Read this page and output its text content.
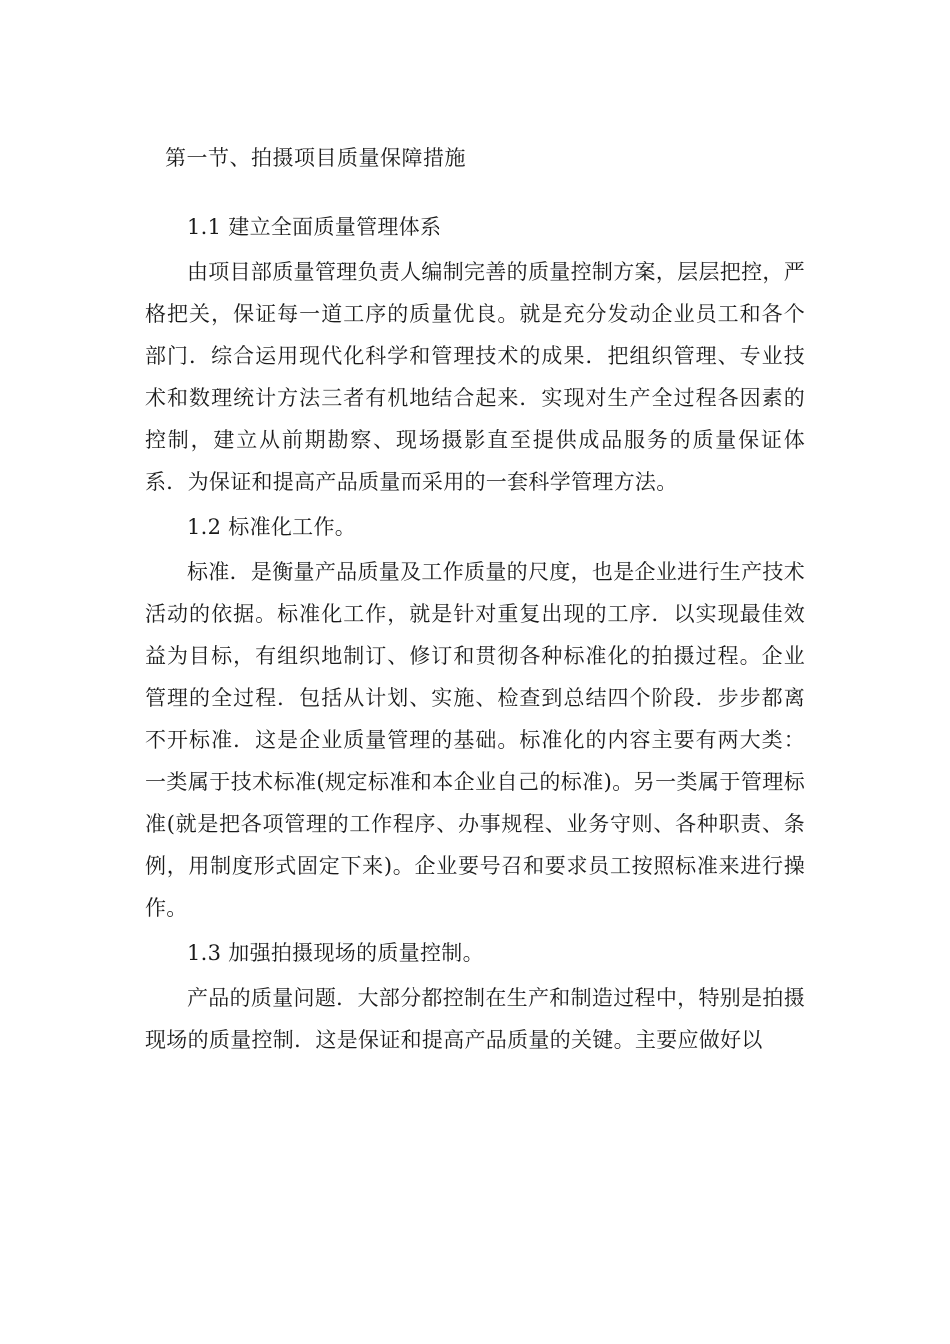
第一节、拍摄项目质量保障措施
1.1 建立全面质量管理体系

由项目部质量管理负责人编制完善的质量控制方案，层层把控，严格把关，保证每一道工序的质量优良。就是充分发动企业员工和各个部门．综合运用现代化科学和管理技术的成果．把组织管理、专业技术和数理统计方法三者有机地结合起来．实现对生产全过程各因素的控制，建立从前期勘察、现场摄影直至提供成品服务的质量保证体系．为保证和提高产品质量而采用的一套科学管理方法。

1.2 标准化工作。

标准．是衡量产品质量及工作质量的尺度，也是企业进行生产技术活动的依据。标准化工作，就是针对重复出现的工序．以实现最佳效益为目标，有组织地制订、修订和贯彻各种标准化的拍摄过程。企业管理的全过程．包括从计划、实施、检查到总结四个阶段．步步都离不开标准．这是企业质量管理的基础。标准化的内容主要有两大类：一类属于技术标准(规定标准和本企业自己的标准)。另一类属于管理标准(就是把各项管理的工作程序、办事规程、业务守则、各种职责、条例，用制度形式固定下来)。企业要号召和要求员工按照标准来进行操作。

1.3 加强拍摄现场的质量控制。

产品的质量问题．大部分都控制在生产和制造过程中，特别是拍摄现场的质量控制．这是保证和提高产品质量的关键。主要应做好以
